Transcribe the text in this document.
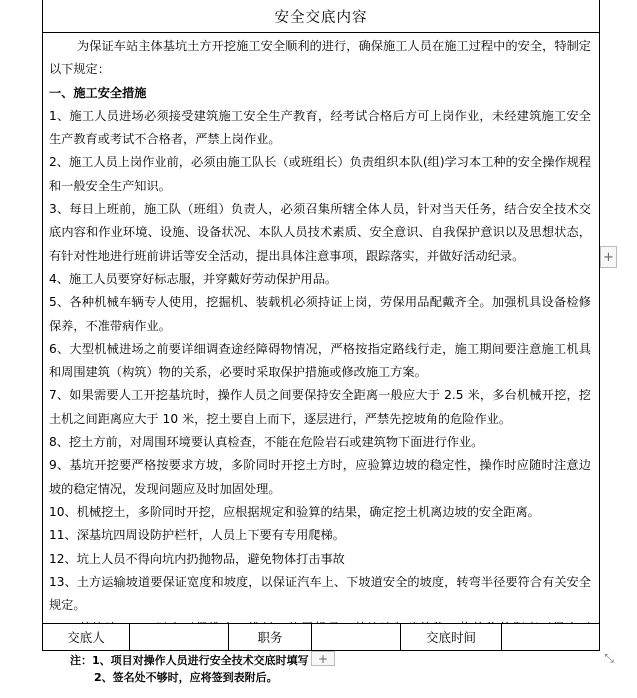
安全交底内容

为保证车站主体基坑土方开挖施工安全顺利的进行，确保施工人员在施工过程中的安全，特制定以下规定：

一、施工安全措施

1、施工人员进场必须接受建筑施工安全生产教育，经考试合格后方可上岗作业，未经建筑施工安全生产教育或考试不合格者，严禁上岗作业。

2、施工人员上岗作业前，必须由施工队长（或班组长）负责组织本队(组)学习本工种的安全操作规程和一般安全生产知识。

3、每日上班前，施工队（班组）负责人，必须召集所辖全体人员，针对当天任务，结合安全技术交底内容和作业环境、设施、设备状况、本队人员技术素质、安全意识、自我保护意识以及思想状态，有针对性地进行班前讲话等安全活动，提出具体注意事项，跟踪落实，并做好活动纪录。

4、施工人员要穿好标志服，并穿戴好劳动保护用品。

5、各种机械车辆专人使用，挖掘机、装载机必须持证上岗，劳保用品配戴齐全。加强机具设备检修保养，不准带病作业。

6、大型机械进场之前要详细调查途经障碍物情况，严格按指定路线行走，施工期间要注意施工机具和周围建筑（构筑）物的关系，必要时采取保护措施或修改施工方案。

7、如果需要人工开挖基坑时，操作人员之间要保持安全距离一般应大于 2.5 米，多台机械开挖，挖土机之间距离应大于 10 米，挖土要自上而下，逐层进行，严禁先挖坡角的危险作业。

8、挖土方前，对周围环境要认真检查，不能在危险岩石或建筑物下面进行作业。

9、基坑开挖要严格按要求方坡，多阶同时开挖土方时，应验算边坡的稳定性，操作时应随时注意边坡的稳定情况，发现问题应及时加固处理。

10、机械挖土，多阶同时开挖，应根据规定和验算的结果，确定挖土机离边坡的安全距离。

11、深基坑四周设防护栏杆，人员上下要有专用爬梯。

12、坑上人员不得向坑内扔抛物品，避免物体打击事故

13、土方运输坡道要保证宽度和坡度，以保证汽车上、下坡道安全的坡度，转弯半径要符合有关安全规定。

交底人	职务	交底时间
注：1、项目对操作人员进行安全技术交底时填写
2、签名处不够时，应将签到表附后。
+
+	⤡
